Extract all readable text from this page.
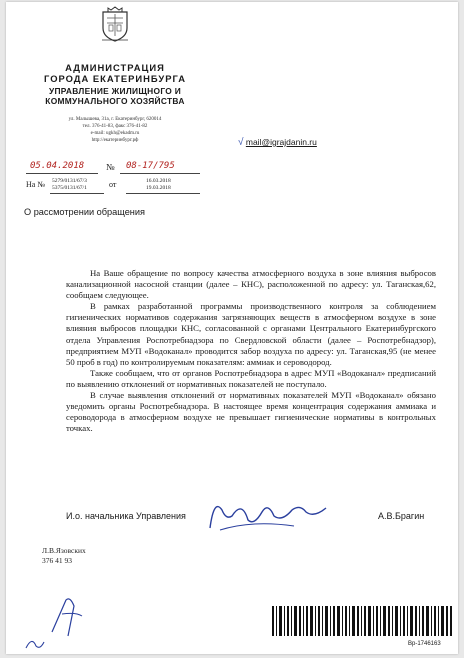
АДМИНИСТРАЦИЯ
ГОРОДА ЕКАТЕРИНБУРГА
УПРАВЛЕНИЕ ЖИЛИЩНОГО И
КОММУНАЛЬНОГО ХОЗЯЙСТВА
ул. Малышева, 31а, г. Екатеринбург, 620014
тел. 376-41-83, факс 376-41-82
e-mail: ugkh@ekadm.ru
http://екатеринбург.рф
05.04.2018 № 08-17/795
На № 5279/0131/67/3
5375/0131/67/1	от	16.03.2018
19.03.2018
√ mail@igrajdanin.ru
О рассмотрении обращения

На Ваше обращение по вопросу качества атмосферного воздуха в зоне влияния выбросов канализационной насосной станции (далее – КНС), расположенной по адресу: ул. Таганская,62, сообщаем следующее.

В рамках разработанной программы производственного контроля за соблюдением гигиенических нормативов содержания загрязняющих веществ в атмосферном воздухе в зоне влияния выбросов площадки КНС, согласованной с органами Центрального Екатеринбургского отдела Управления Роспотребнадзора по Свердловской области (далее – Роспотребнадзор), предприятием МУП «Водоканал» проводится забор воздуха по адресу: ул. Таганская,95 (не менее 50 проб в год) по контролируемым показателям: аммиак и сероводород.

Также сообщаем, что от органов Роспотребнадзора в адрес МУП «Водоканал» предписаний по выявлению отклонений от нормативных показателей не поступало.

В случае выявления отклонений от нормативных показателей МУП «Водоканал» обязано уведомить органы Роспотребнадзора. В настоящее время концентрация содержания аммиака и сероводорода в атмосферном воздухе не превышает гигиенические нормативы в контрольных точках.

И.о. начальника Управления	А.В.Брагин
Л.В.Язовских
376 41 93
Вр-1746163
